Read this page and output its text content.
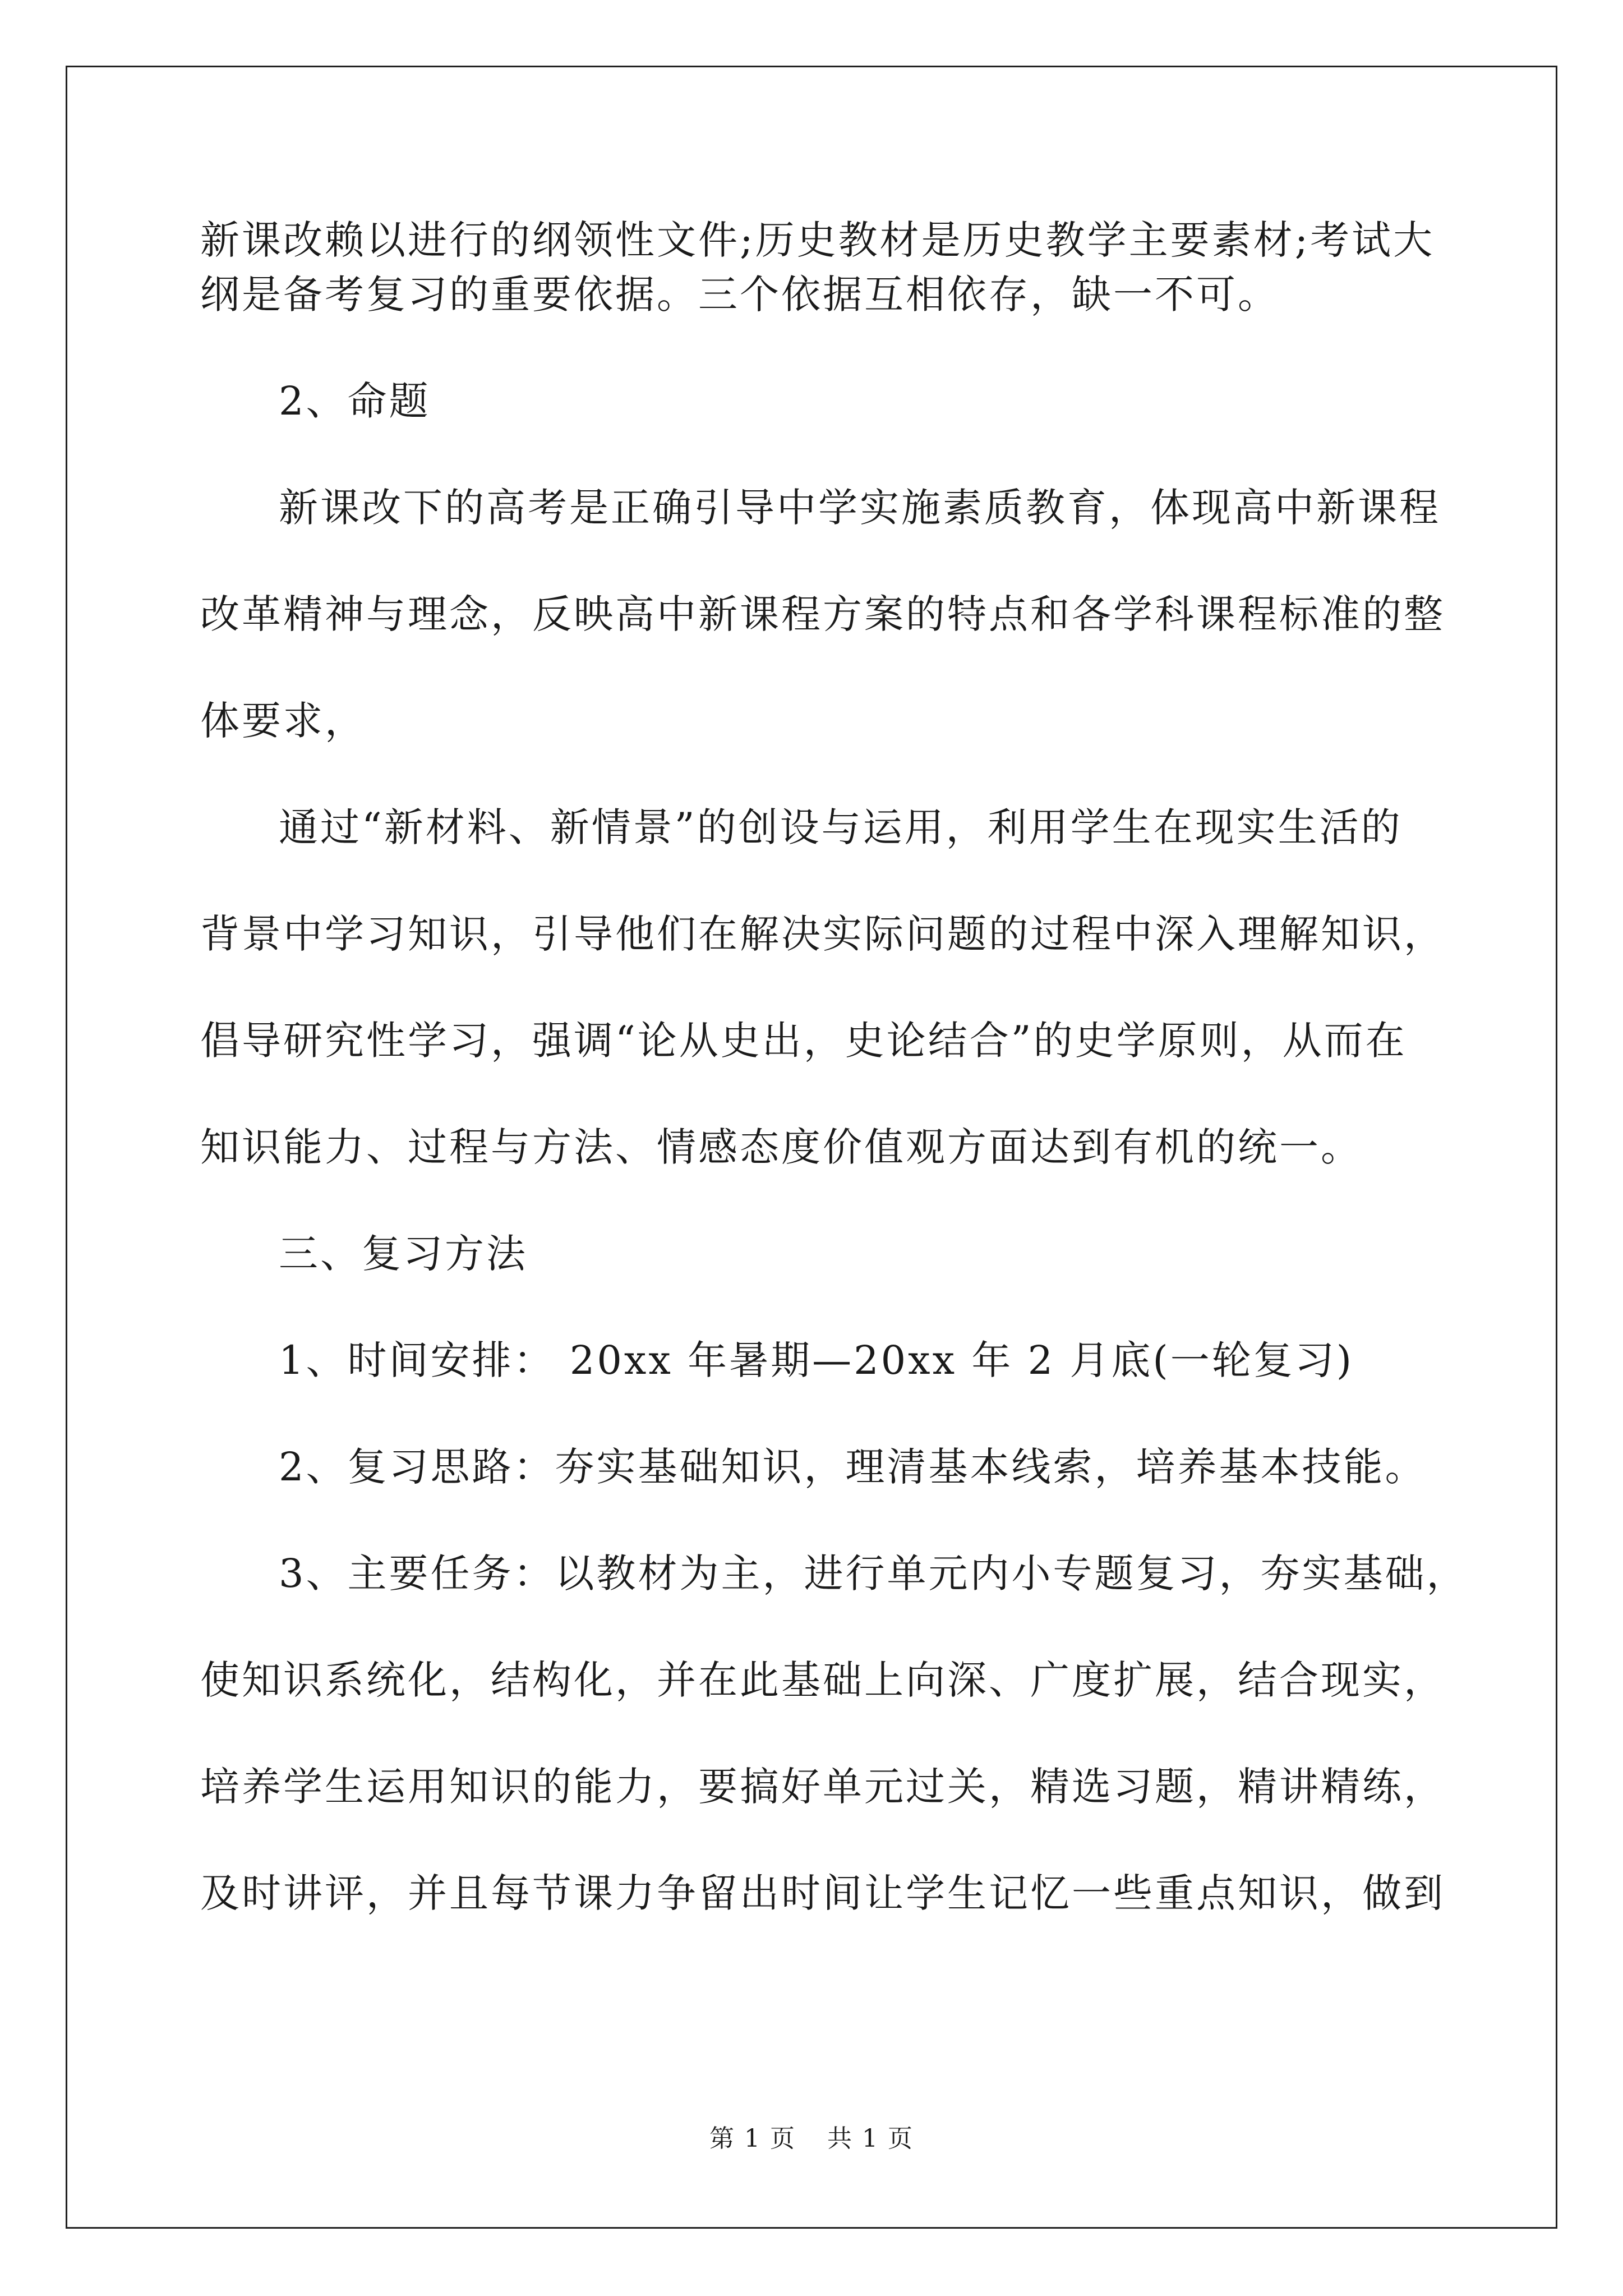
新课改赖以进行的纲领性文件;历史教材是历史教学主要素材;考试大
纲是备考复习的重要依据。三个依据互相依存，缺一不可。
2、命题
新课改下的高考是正确引导中学实施素质教育，体现高中新课程
改革精神与理念，反映高中新课程方案的特点和各学科课程标准的整
体要求，
通过“新材料、新情景”的创设与运用，利用学生在现实生活的
背景中学习知识，引导他们在解决实际问题的过程中深入理解知识，
倡导研究性学习，强调“论从史出，史论结合”的史学原则，从而在
知识能力、过程与方法、情感态度价值观方面达到有机的统一。
三、复习方法
1、时间安排： 20xx 年暑期—20xx 年 2 月底(一轮复习)
2、复习思路：夯实基础知识，理清基本线索，培养基本技能。
3、主要任务：以教材为主，进行单元内小专题复习，夯实基础，
使知识系统化，结构化，并在此基础上向深、广度扩展，结合现实，
培养学生运用知识的能力，要搞好单元过关，精选习题，精讲精练，
及时讲评，并且每节课力争留出时间让学生记忆一些重点知识，做到
第 1 页 共 1 页
